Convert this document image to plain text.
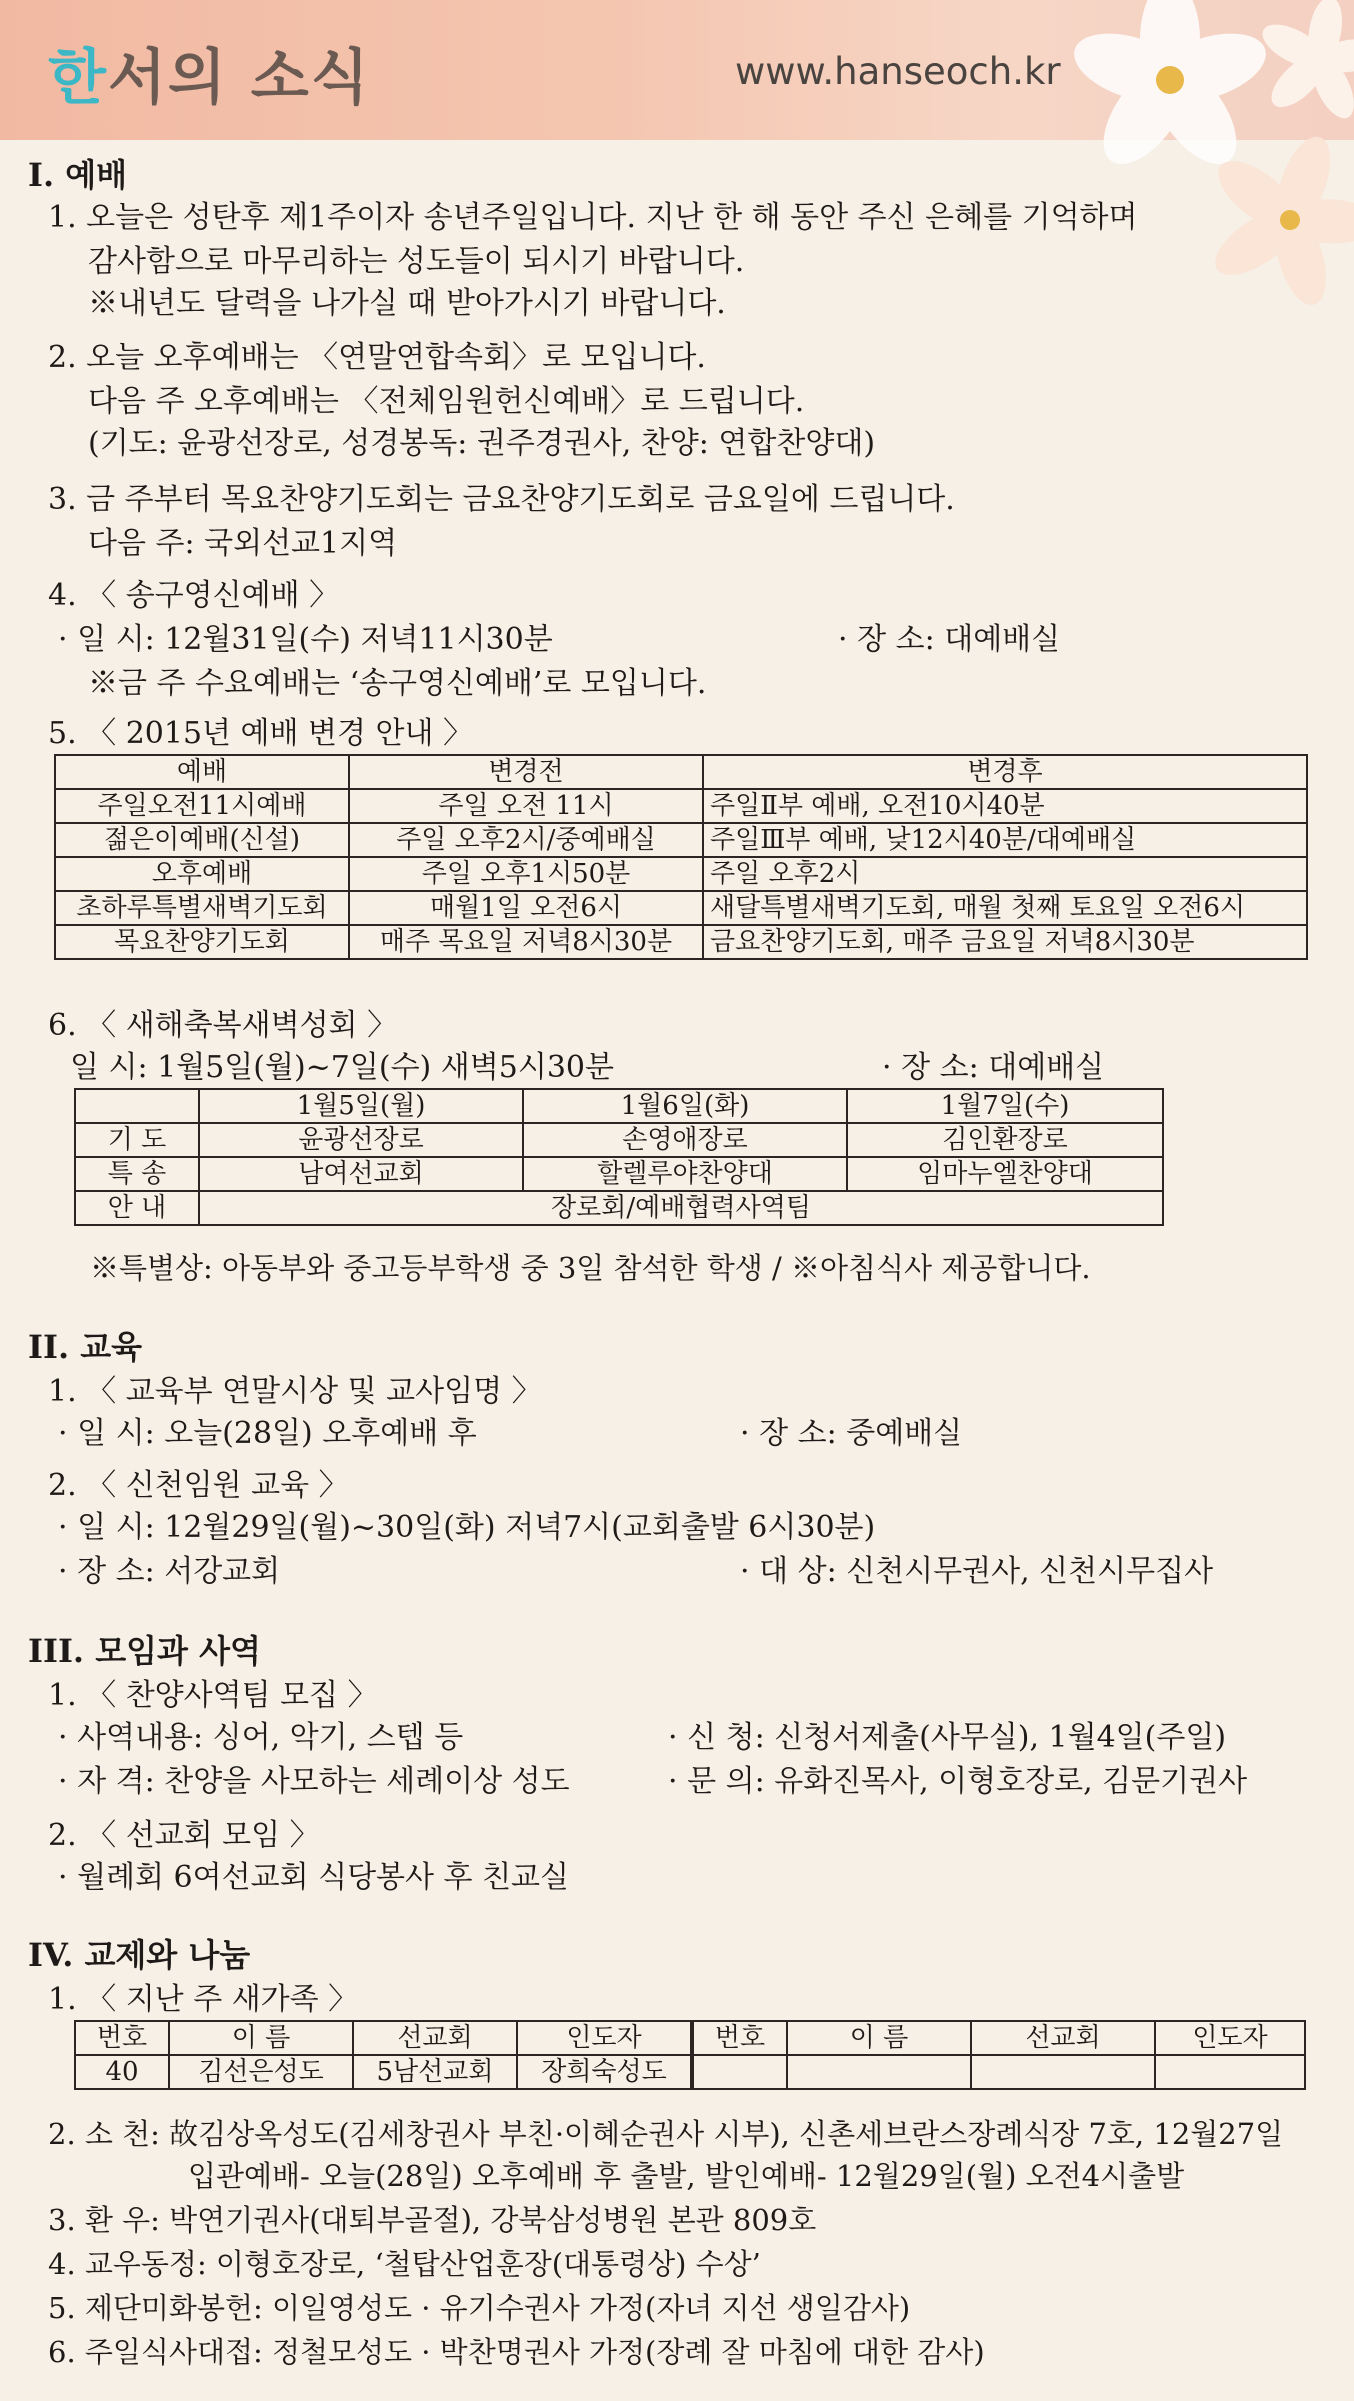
한서의 소식	www.hanseoch.kr
I. 예배
1. 오늘은 성탄후 제1주이자 송년주일입니다. 지난 한 해 동안 주신 은혜를 기억하며
감사함으로 마무리하는 성도들이 되시기 바랍니다.
※내년도 달력을 나가실 때 받아가시기 바랍니다.
2. 오늘 오후예배는 〈연말연합속회〉로 모입니다.
다음 주 오후예배는 〈전체임원헌신예배〉로 드립니다.
(기도: 윤광선장로, 성경봉독: 권주경권사, 찬양: 연합찬양대)
3. 금 주부터 목요찬양기도회는 금요찬양기도회로 금요일에 드립니다.
다음 주: 국외선교1지역
4. 〈 송구영신예배 〉
· 일 시: 12월31일(수) 저녁11시30분	· 장 소: 대예배실
※금 주 수요예배는 ‘송구영신예배’로 모입니다.
5. 〈 2015년 예배 변경 안내 〉
예배	변경전	변경후
주일오전11시예배	주일 오전 11시	주일Ⅱ부 예배, 오전10시40분
젊은이예배(신설)	주일 오후2시/중예배실	주일Ⅲ부 예배, 낮12시40분/대예배실
오후예배	주일 오후1시50분	주일 오후2시
초하루특별새벽기도회	매월1일 오전6시	새달특별새벽기도회, 매월 첫째 토요일 오전6시
목요찬양기도회	매주 목요일 저녁8시30분	금요찬양기도회, 매주 금요일 저녁8시30분
6. 〈 새해축복새벽성회 〉
일 시: 1월5일(월)~7일(수) 새벽5시30분	· 장 소: 대예배실
	1월5일(월)	1월6일(화)	1월7일(수)
기 도	윤광선장로	손영애장로	김인환장로
특 송	남여선교회	할렐루야찬양대	임마누엘찬양대
안 내	장로회/예배협력사역팀		
※특별상: 아동부와 중고등부학생 중 3일 참석한 학생 / ※아침식사 제공합니다.
II. 교육
1. 〈 교육부 연말시상 및 교사임명 〉
· 일 시: 오늘(28일) 오후예배 후	· 장 소: 중예배실
2. 〈 신천임원 교육 〉
· 일 시: 12월29일(월)~30일(화) 저녁7시(교회출발 6시30분)
· 장 소: 서강교회	· 대 상: 신천시무권사, 신천시무집사
III. 모임과 사역
1. 〈 찬양사역팀 모집 〉
· 사역내용: 싱어, 악기, 스텝 등	· 신 청: 신청서제출(사무실), 1월4일(주일)
· 자 격: 찬양을 사모하는 세례이상 성도	· 문 의: 유화진목사, 이형호장로, 김문기권사
2. 〈 선교회 모임 〉
· 월례회 6여선교회 식당봉사 후 친교실
IV. 교제와 나눔
1. 〈 지난 주 새가족 〉
번호	이 름	선교회	인도자	번호	이 름	선교회	인도자
40	김선은성도	5남선교회	장희숙성도				
2. 소 천: 故김상옥성도(김세창권사 부친·이혜순권사 시부), 신촌세브란스장례식장 7호, 12월27일
입관예배- 오늘(28일) 오후예배 후 출발, 발인예배- 12월29일(월) 오전4시출발
3. 환 우: 박연기권사(대퇴부골절), 강북삼성병원 본관 809호
4. 교우동정: 이형호장로, ‘철탑산업훈장(대통령상) 수상’
5. 제단미화봉헌: 이일영성도 · 유기수권사 가정(자녀 지선 생일감사)
6. 주일식사대접: 정철모성도 · 박찬명권사 가정(장례 잘 마침에 대한 감사)
